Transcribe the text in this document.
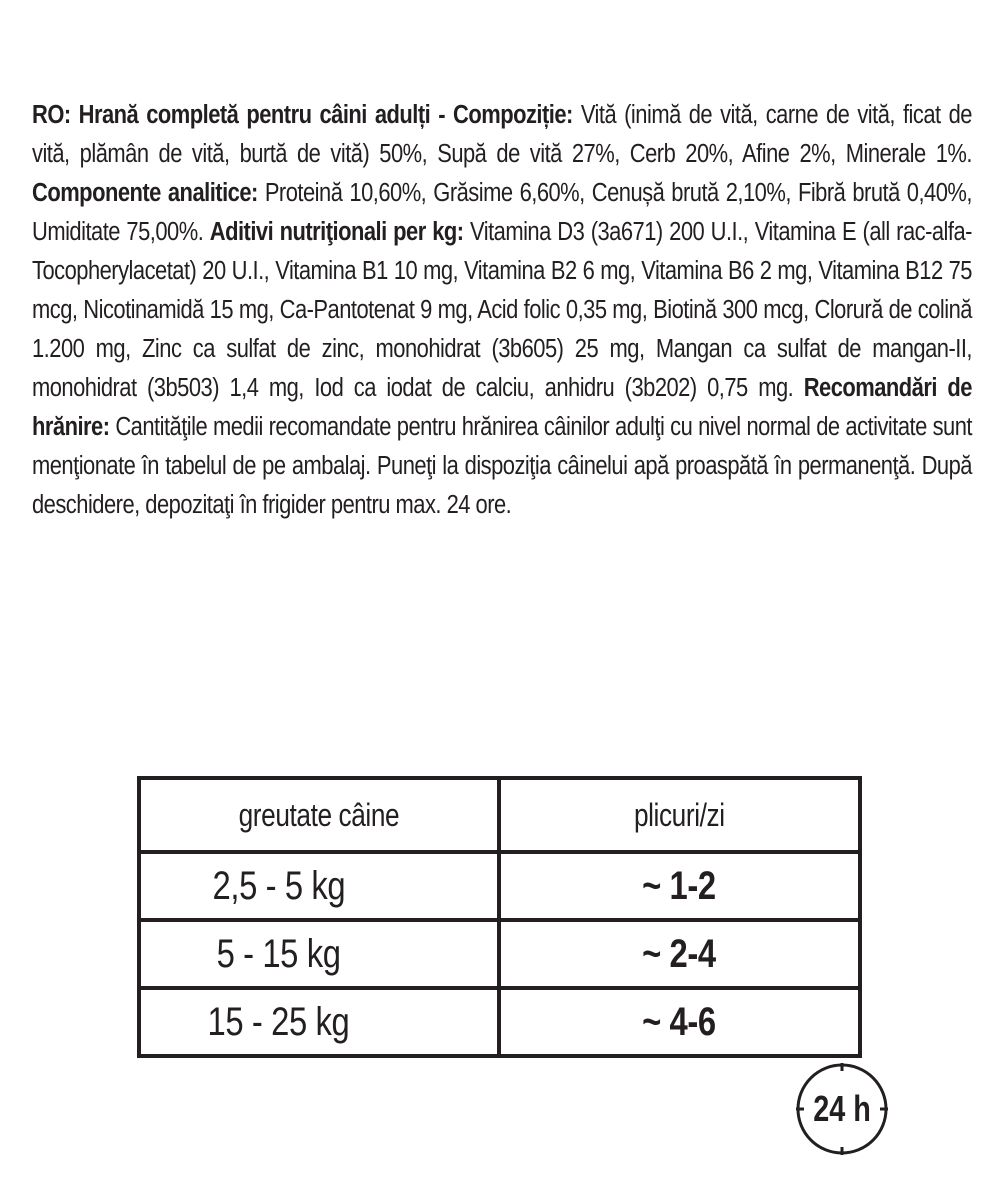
RO: Hrană completă pentru câini adulți - Compoziție: Vită (inimă de vită, carne de vită, ficat de vită, plămân de vită, burtă de vită) 50%, Supă de vită 27%, Cerb 20%, Afine 2%, Minerale 1%. Componente analitice: Proteină 10,60%, Grăsime 6,60%, Cenușă brută 2,10%, Fibră brută 0,40%, Umiditate 75,00%. Aditivi nutriţionali per kg: Vitamina D3 (3a671) 200 U.I., Vitamina E (all rac-alfa-Tocopherylacetat) 20 U.I., Vitamina B1 10 mg, Vitamina B2 6 mg, Vitamina B6 2 mg, Vitamina B12 75 mcg, Nicotinamidă 15 mg, Ca-Pantotenat 9 mg, Acid folic 0,35 mg, Biotină 300 mcg, Clorură de colină 1.200 mg, Zinc ca sulfat de zinc, monohidrat (3b605) 25 mg, Mangan ca sulfat de mangan-II, monohidrat (3b503) 1,4 mg, Iod ca iodat de calciu, anhidru (3b202) 0,75 mg. Recomandări de hrănire: Cantităţile medii recomandate pentru hrănirea câinilor adulţi cu nivel normal de activitate sunt menţionate în tabelul de pe ambalaj. Puneţi la dispoziţia câinelui apă proaspătă în permanenţă. După deschidere, depozitaţi în frigider pentru max. 24 ore.
greutate câine	plicuri/zi
2,5 - 5 kg	~ 1-2
5 - 15 kg	~ 2-4
15 - 25 kg	~ 4-6
24 h
